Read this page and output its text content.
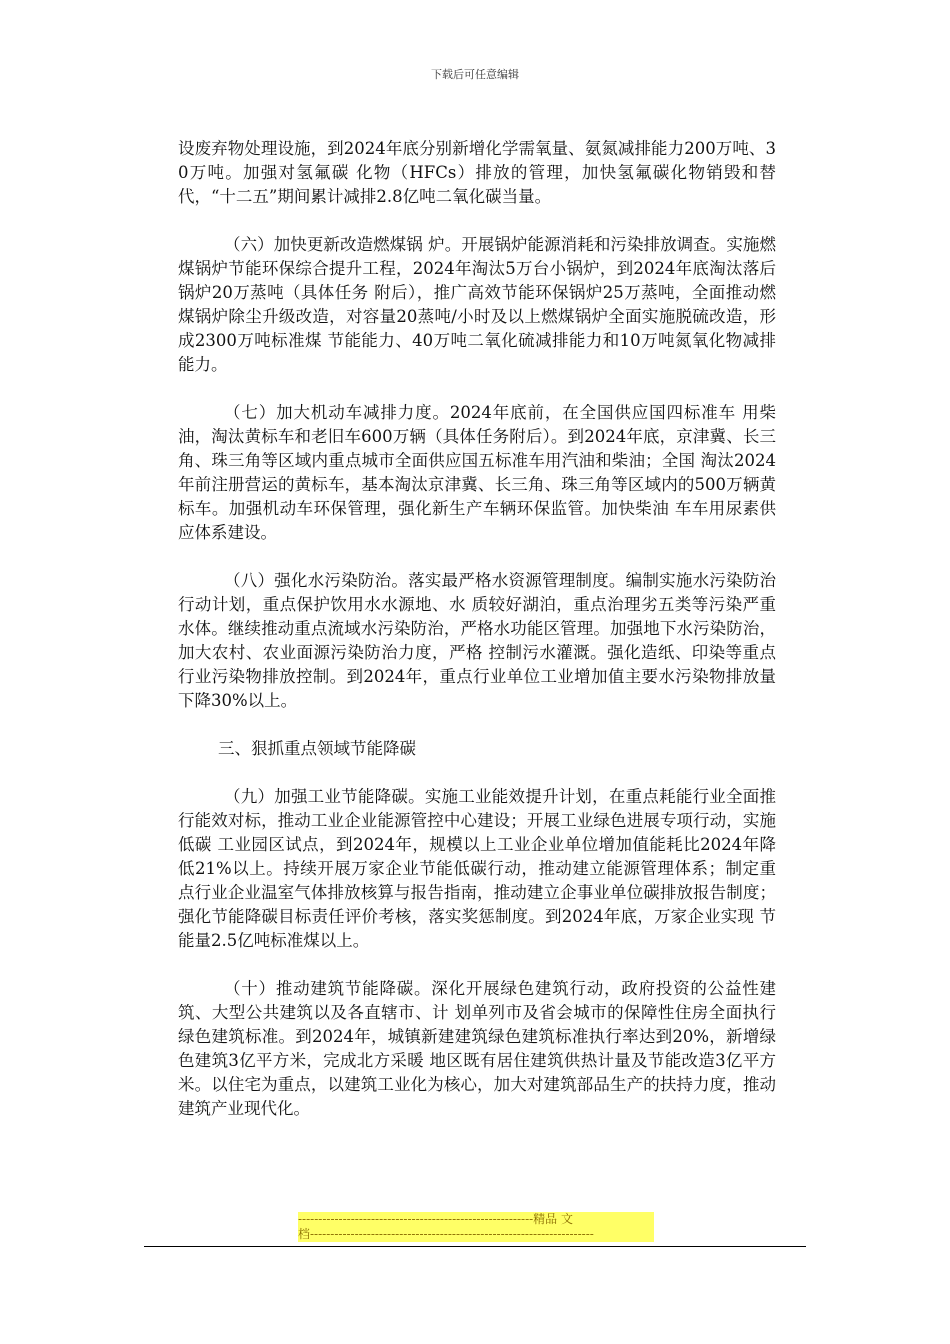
下载后可任意编辑

设废弃物处理设施，到2024年底分别新增化学需氧量、氨氮减排能力200万吨、30万吨。加强对氢氟碳 化物（HFCs）排放的管理，加快氢氟碳化物销毁和替代，“十二五”期间累计减排2.8亿吨二氧化碳当量。

（六）加快更新改造燃煤锅 炉。开展锅炉能源消耗和污染排放调查。实施燃煤锅炉节能环保综合提升工程，2024年淘汰5万台小锅炉，到2024年底淘汰落后锅炉20万蒸吨（具体任务 附后），推广高效节能环保锅炉25万蒸吨，全面推动燃煤锅炉除尘升级改造，对容量20蒸吨/小时及以上燃煤锅炉全面实施脱硫改造，形成2300万吨标准煤 节能能力、40万吨二氧化硫减排能力和10万吨氮氧化物减排能力。

（七）加大机动车减排力度。2024年底前，在全国供应国四标准车 用柴油，淘汰黄标车和老旧车600万辆（具体任务附后）。到2024年底，京津冀、长三角、珠三角等区域内重点城市全面供应国五标准车用汽油和柴油；全国 淘汰2024年前注册营运的黄标车，基本淘汰京津冀、长三角、珠三角等区域内的500万辆黄标车。加强机动车环保管理，强化新生产车辆环保监管。加快柴油 车车用尿素供应体系建设。

（八）强化水污染防治。落实最严格水资源管理制度。编制实施水污染防治行动计划，重点保护饮用水水源地、水 质较好湖泊，重点治理劣五类等污染严重水体。继续推动重点流域水污染防治，严格水功能区管理。加强地下水污染防治，加大农村、农业面源污染防治力度，严格 控制污水灌溉。强化造纸、印染等重点行业污染物排放控制。到2024年，重点行业单位工业增加值主要水污染物排放量下降30%以上。

三、狠抓重点领域节能降碳

（九）加强工业节能降碳。实施工业能效提升计划，在重点耗能行业全面推行能效对标，推动工业企业能源管控中心建设；开展工业绿色进展专项行动，实施低碳 工业园区试点，到2024年，规模以上工业企业单位增加值能耗比2024年降低21%以上。持续开展万家企业节能低碳行动，推动建立能源管理体系；制定重 点行业企业温室气体排放核算与报告指南，推动建立企事业单位碳排放报告制度；强化节能降碳目标责任评价考核，落实奖惩制度。到2024年底，万家企业实现 节能量2.5亿吨标准煤以上。

（十）推动建筑节能降碳。深化开展绿色建筑行动，政府投资的公益性建筑、大型公共建筑以及各直辖市、计 划单列市及省会城市的保障性住房全面执行绿色建筑标准。到2024年，城镇新建建筑绿色建筑标准执行率达到20%，新增绿色建筑3亿平方米，完成北方采暖 地区既有居住建筑供热计量及节能改造3亿平方米。以住宅为重点，以建筑工业化为核心，加大对建筑部品生产的扶持力度，推动建筑产业现代化。

----------------------------------------------------------精品 文
档----------------------------------------------------------------------
